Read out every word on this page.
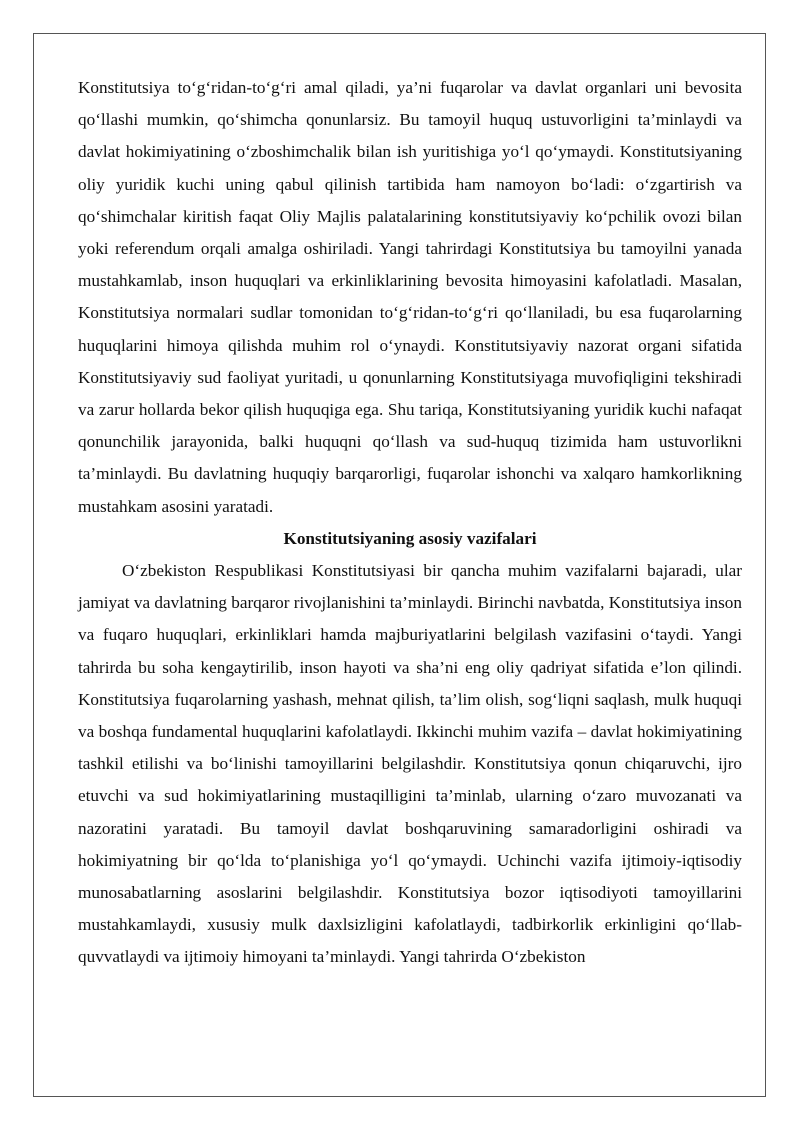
Konstitutsiya to‘g‘ridan-to‘g‘ri amal qiladi, ya’ni fuqarolar va davlat organlari uni bevosita qo‘llashi mumkin, qo‘shimcha qonunlarsiz. Bu tamoyil huquq ustuvorligini ta’minlaydi va davlat hokimiyatining o‘zboshimchalik bilan ish yuritishiga yo‘l qo‘ymaydi. Konstitutsiyaning oliy yuridik kuchi uning qabul qilinish tartibida ham namoyon bo‘ladi: o‘zgartirish va qo‘shimchalar kiritish faqat Oliy Majlis palatalarining konstitutsiyaviy ko‘pchilik ovozi bilan yoki referendum orqali amalga oshiriladi. Yangi tahrirdagi Konstitutsiya bu tamoyilni yanada mustahkamlab, inson huquqlari va erkinliklarining bevosita himoyasini kafolatladi. Masalan, Konstitutsiya normalari sudlar tomonidan to‘g‘ridan-to‘g‘ri qo‘llaniladi, bu esa fuqarolarning huquqlarini himoya qilishda muhim rol o‘ynaydi. Konstitutsiyaviy nazorat organi sifatida Konstitutsiyaviy sud faoliyat yuritadi, u qonunlarning Konstitutsiyaga muvofiqligini tekshiradi va zarur hollarda bekor qilish huquqiga ega. Shu tariqa, Konstitutsiyaning yuridik kuchi nafaqat qonunchilik jarayonida, balki huquqni qo‘llash va sud-huquq tizimida ham ustuvorlikni ta’minlaydi. Bu davlatning huquqiy barqarorligi, fuqarolar ishonchi va xalqaro hamkorlikning mustahkam asosini yaratadi.

Konstitutsiyaning asosiy vazifalari

O‘zbekiston Respublikasi Konstitutsiyasi bir qancha muhim vazifalarni bajaradi, ular jamiyat va davlatning barqaror rivojlanishini ta’minlaydi. Birinchi navbatda, Konstitutsiya inson va fuqaro huquqlari, erkinliklari hamda majburiyatlarini belgilash vazifasini o‘taydi. Yangi tahrirda bu soha kengaytirilib, inson hayoti va sha’ni eng oliy qadriyat sifatida e’lon qilindi. Konstitutsiya fuqarolarning yashash, mehnat qilish, ta’lim olish, sog‘liqni saqlash, mulk huquqi va boshqa fundamental huquqlarini kafolatlaydi. Ikkinchi muhim vazifa – davlat hokimiyatining tashkil etilishi va bo‘linishi tamoyillarini belgilashdir. Konstitutsiya qonun chiqaruvchi, ijro etuvchi va sud hokimiyatlarining mustaqilligini ta’minlab, ularning o‘zaro muvozanati va nazoratini yaratadi. Bu tamoyil davlat boshqaruvining samaradorligini oshiradi va hokimiyatning bir qo‘lda to‘planishiga yo‘l qo‘ymaydi. Uchinchi vazifa ijtimoiy-iqtisodiy munosabatlarning asoslarini belgilashdir. Konstitutsiya bozor iqtisodiyoti tamoyillarini mustahkamlaydi, xususiy mulk daxlsizligini kafolatlaydi, tadbirkorlik erkinligini qo‘llab-quvvatlaydi va ijtimoiy himoyani ta’minlaydi. Yangi tahrirda O‘zbekiston
